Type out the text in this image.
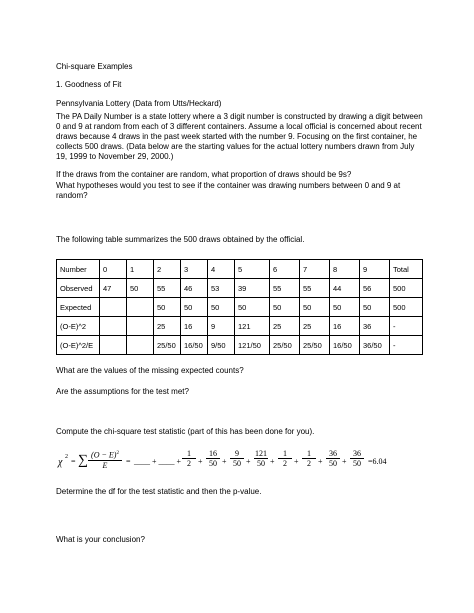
Chi-square Examples
1. Goodness of Fit
Pennsylvania Lottery (Data from Utts/Heckard)
The PA Daily Number is a state lottery where a 3 digit number is constructed by drawing a digit between
0 and 9 at random from each of 3 different containers. Assume a local official is concerned about recent
draws because 4 draws in the past week started with the number 9. Focusing on the first container, he
collects 500 draws. (Data below are the starting values for the actual lottery numbers drawn from July
19, 1999 to November 29, 2000.)
If the draws from the container are random, what proportion of draws should be 9s?
What hypotheses would you test to see if the container was drawing numbers between 0 and 9 at
random?
The following table summarizes the 500 draws obtained by the official.
Number	0	1	2	3	4	5	6	7	8	9	Total
Observed	47	50	55	46	53	39	55	55	44	56	500
Expected			50	50	50	50	50	50	50	50	500
(O-E)^2			25	16	9	121	25	25	16	36	-
(O-E)^2/E			25/50	16/50	9/50	121/50	25/50	25/50	16/50	36/50	-
What are the values of the missing expected counts?
Are the assumptions for the test met?
Compute the chi-square test statistic (part of this has been done for you).
χ 2 = ∑ $\frac{(O - E)^2}{E}$ = ____ + ____ + $\frac{1}{2} + \frac{16}{50} + \frac{9}{50} + \frac{121}{50} + \frac{1}{2} + \frac{1}{2} + \frac{36}{50} + \frac{36}{50} =6.04$
Determine the df for the test statistic and then the p-value.
What is your conclusion?
